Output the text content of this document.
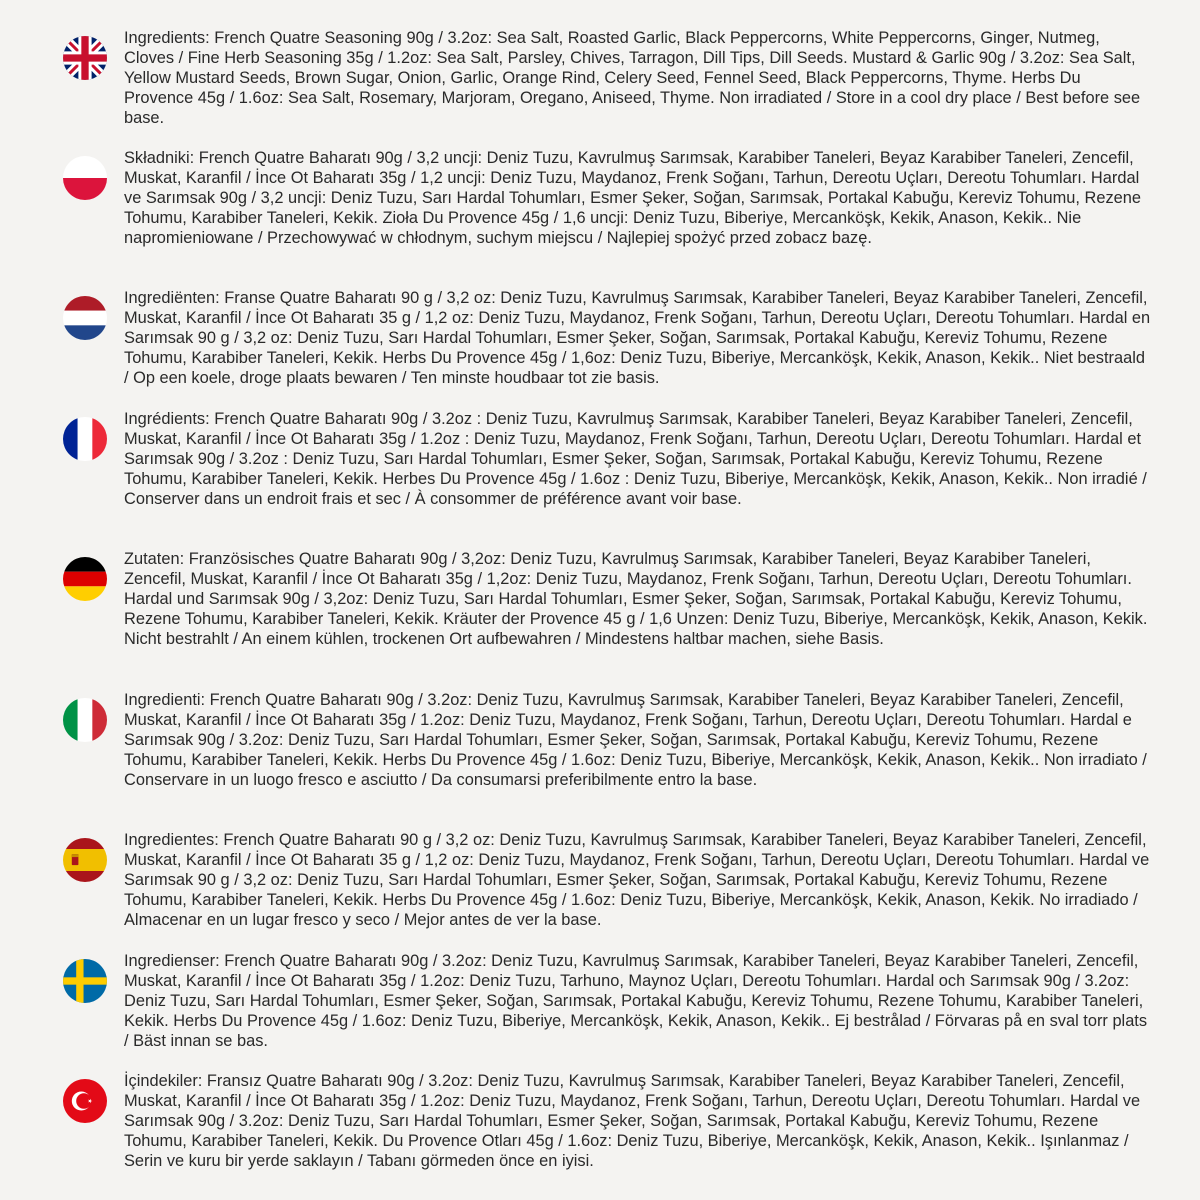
Ingredients: French Quatre Seasoning 90g / 3.2oz: Sea Salt, Roasted Garlic, Black Peppercorns, White Peppercorns, Ginger, Nutmeg, Cloves / Fine Herb Seasoning 35g / 1.2oz: Sea Salt, Parsley, Chives, Tarragon, Dill Tips, Dill Seeds. Mustard & Garlic 90g / 3.2oz: Sea Salt, Yellow Mustard Seeds, Brown Sugar, Onion, Garlic, Orange Rind, Celery Seed, Fennel Seed, Black Peppercorns, Thyme. Herbs Du Provence 45g / 1.6oz: Sea Salt, Rosemary, Marjoram, Oregano, Aniseed, Thyme. Non irradiated / Store in a cool dry place / Best before see base.

Składniki: French Quatre Baharatı 90g / 3,2 uncji: Deniz Tuzu, Kavrulmuş Sarımsak, Karabiber Taneleri, Beyaz Karabiber Taneleri, Zencefil, Muskat, Karanfil / İnce Ot Baharatı 35g / 1,2 uncji: Deniz Tuzu, Maydanoz, Frenk Soğanı, Tarhun, Dereotu Uçları, Dereotu Tohumları. Hardal ve Sarımsak 90g / 3,2 uncji: Deniz Tuzu, Sarı Hardal Tohumları, Esmer Şeker, Soğan, Sarımsak, Portakal Kabuğu, Kereviz Tohumu, Rezene Tohumu, Karabiber Taneleri, Kekik. Zioła Du Provence 45g / 1,6 uncji: Deniz Tuzu, Biberiye, Mercanköşk, Kekik, Anason, Kekik.. Nie napromieniowane / Przechowywać w chłodnym, suchym miejscu / Najlepiej spożyć przed zobacz bazę.

Ingrediënten: Franse Quatre Baharatı 90 g / 3,2 oz: Deniz Tuzu, Kavrulmuş Sarımsak, Karabiber Taneleri, Beyaz Karabiber Taneleri, Zencefil, Muskat, Karanfil / İnce Ot Baharatı 35 g / 1,2 oz: Deniz Tuzu, Maydanoz, Frenk Soğanı, Tarhun, Dereotu Uçları, Dereotu Tohumları. Hardal en Sarımsak 90 g / 3,2 oz: Deniz Tuzu, Sarı Hardal Tohumları, Esmer Şeker, Soğan, Sarımsak, Portakal Kabuğu, Kereviz Tohumu, Rezene Tohumu, Karabiber Taneleri, Kekik. Herbs Du Provence 45g / 1,6oz: Deniz Tuzu, Biberiye, Mercanköşk, Kekik, Anason, Kekik.. Niet bestraald / Op een koele, droge plaats bewaren / Ten minste houdbaar tot zie basis.

Ingrédients: French Quatre Baharatı 90g / 3.2oz : Deniz Tuzu, Kavrulmuş Sarımsak, Karabiber Taneleri, Beyaz Karabiber Taneleri, Zencefil, Muskat, Karanfil / İnce Ot Baharatı 35g / 1.2oz : Deniz Tuzu, Maydanoz, Frenk Soğanı, Tarhun, Dereotu Uçları, Dereotu Tohumları. Hardal et Sarımsak 90g / 3.2oz : Deniz Tuzu, Sarı Hardal Tohumları, Esmer Şeker, Soğan, Sarımsak, Portakal Kabuğu, Kereviz Tohumu, Rezene Tohumu, Karabiber Taneleri, Kekik. Herbes Du Provence 45g / 1.6oz : Deniz Tuzu, Biberiye, Mercanköşk, Kekik, Anason, Kekik.. Non irradié / Conserver dans un endroit frais et sec / À consommer de préférence avant voir base.

Zutaten: Französisches Quatre Baharatı 90g / 3,2oz: Deniz Tuzu, Kavrulmuş Sarımsak, Karabiber Taneleri, Beyaz Karabiber Taneleri, Zencefil, Muskat, Karanfil / İnce Ot Baharatı 35g / 1,2oz: Deniz Tuzu, Maydanoz, Frenk Soğanı, Tarhun, Dereotu Uçları, Dereotu Tohumları. Hardal und Sarımsak 90g / 3,2oz: Deniz Tuzu, Sarı Hardal Tohumları, Esmer Şeker, Soğan, Sarımsak, Portakal Kabuğu, Kereviz Tohumu, Rezene Tohumu, Karabiber Taneleri, Kekik. Kräuter der Provence 45 g / 1,6 Unzen: Deniz Tuzu, Biberiye, Mercanköşk, Kekik, Anason, Kekik. Nicht bestrahlt / An einem kühlen, trockenen Ort aufbewahren / Mindestens haltbar machen, siehe Basis.

Ingredienti: French Quatre Baharatı 90g / 3.2oz: Deniz Tuzu, Kavrulmuş Sarımsak, Karabiber Taneleri, Beyaz Karabiber Taneleri, Zencefil, Muskat, Karanfil / İnce Ot Baharatı 35g / 1.2oz: Deniz Tuzu, Maydanoz, Frenk Soğanı, Tarhun, Dereotu Uçları, Dereotu Tohumları. Hardal e Sarımsak 90g / 3.2oz: Deniz Tuzu, Sarı Hardal Tohumları, Esmer Şeker, Soğan, Sarımsak, Portakal Kabuğu, Kereviz Tohumu, Rezene Tohumu, Karabiber Taneleri, Kekik. Herbs Du Provence 45g / 1.6oz: Deniz Tuzu, Biberiye, Mercanköşk, Kekik, Anason, Kekik.. Non irradiato / Conservare in un luogo fresco e asciutto / Da consumarsi preferibilmente entro la base.

Ingredientes: French Quatre Baharatı 90 g / 3,2 oz: Deniz Tuzu, Kavrulmuş Sarımsak, Karabiber Taneleri, Beyaz Karabiber Taneleri, Zencefil, Muskat, Karanfil / İnce Ot Baharatı 35 g / 1,2 oz: Deniz Tuzu, Maydanoz, Frenk Soğanı, Tarhun, Dereotu Uçları, Dereotu Tohumları. Hardal ve Sarımsak 90 g / 3,2 oz: Deniz Tuzu, Sarı Hardal Tohumları, Esmer Şeker, Soğan, Sarımsak, Portakal Kabuğu, Kereviz Tohumu, Rezene Tohumu, Karabiber Taneleri, Kekik. Herbs Du Provence 45g / 1.6oz: Deniz Tuzu, Biberiye, Mercanköşk, Kekik, Anason, Kekik. No irradiado / Almacenar en un lugar fresco y seco / Mejor antes de ver la base.

Ingredienser: French Quatre Baharatı 90g / 3.2oz: Deniz Tuzu, Kavrulmuş Sarımsak, Karabiber Taneleri, Beyaz Karabiber Taneleri, Zencefil, Muskat, Karanfil / İnce Ot Baharatı 35g / 1.2oz: Deniz Tuzu, Tarhuno, Maynoz Uçları, Dereotu Tohumları. Hardal och Sarımsak 90g / 3.2oz: Deniz Tuzu, Sarı Hardal Tohumları, Esmer Şeker, Soğan, Sarımsak, Portakal Kabuğu, Kereviz Tohumu, Rezene Tohumu, Karabiber Taneleri, Kekik. Herbs Du Provence 45g / 1.6oz: Deniz Tuzu, Biberiye, Mercanköşk, Kekik, Anason, Kekik.. Ej bestrålad / Förvaras på en sval torr plats / Bäst innan se bas.

İçindekiler: Fransız Quatre Baharatı 90g / 3.2oz: Deniz Tuzu, Kavrulmuş Sarımsak, Karabiber Taneleri, Beyaz Karabiber Taneleri, Zencefil, Muskat, Karanfil / İnce Ot Baharatı 35g / 1.2oz: Deniz Tuzu, Maydanoz, Frenk Soğanı, Tarhun, Dereotu Uçları, Dereotu Tohumları. Hardal ve Sarımsak 90g / 3.2oz: Deniz Tuzu, Sarı Hardal Tohumları, Esmer Şeker, Soğan, Sarımsak, Portakal Kabuğu, Kereviz Tohumu, Rezene Tohumu, Karabiber Taneleri, Kekik. Du Provence Otları 45g / 1.6oz: Deniz Tuzu, Biberiye, Mercanköşk, Kekik, Anason, Kekik.. Işınlanmaz / Serin ve kuru bir yerde saklayın / Tabanı görmeden önce en iyisi.
